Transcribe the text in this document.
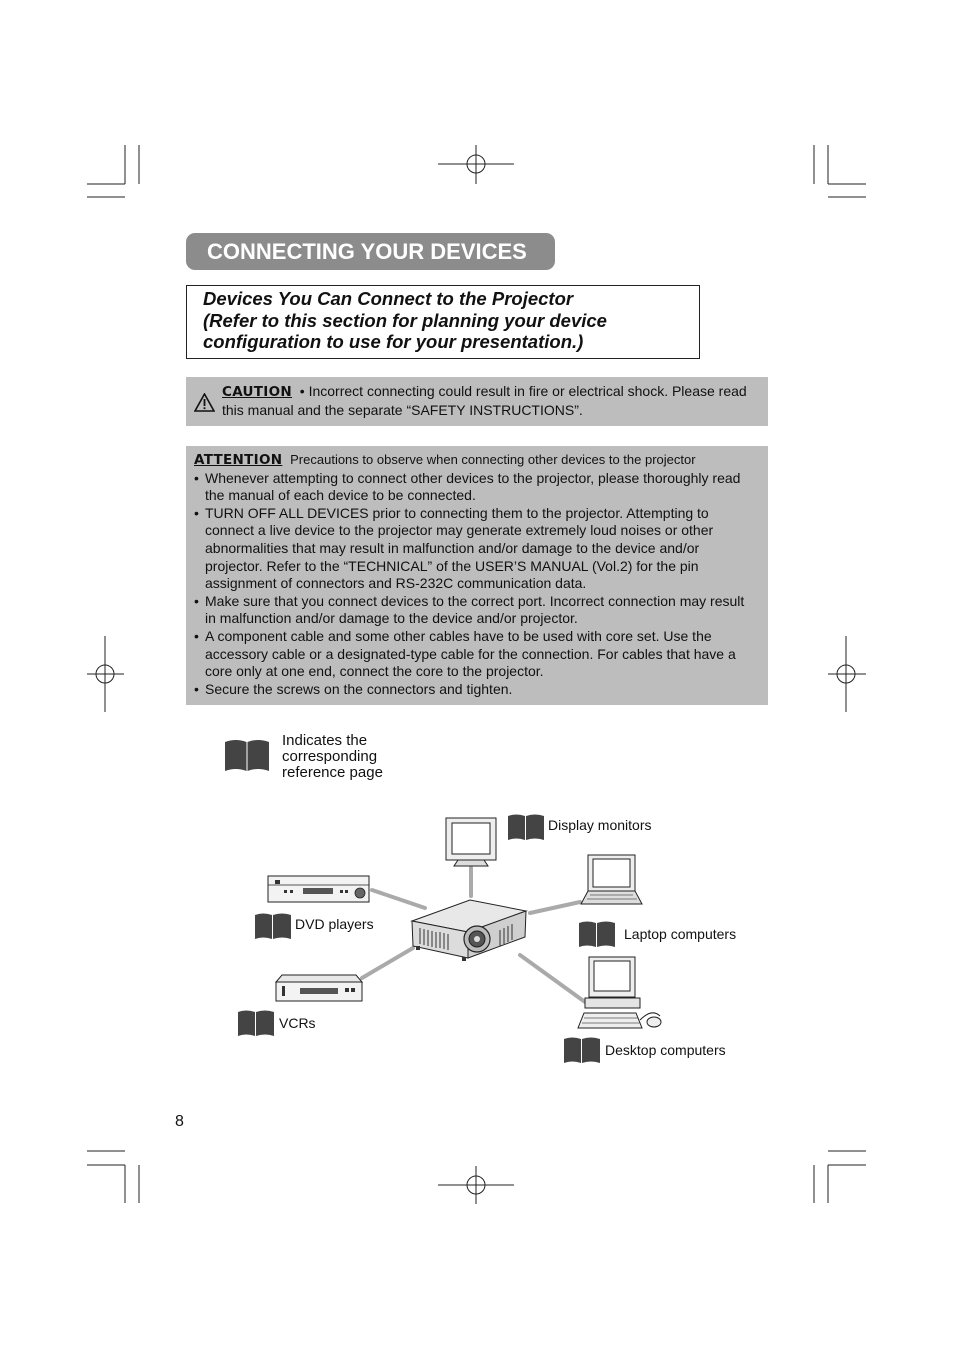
CONNECTING YOUR DEVICES
Devices You Can Connect to the Projector
(Refer to this section for planning your device
configuration to use for your presentation.)
CAUTION • Incorrect connecting could result in fire or electrical shock. Please read this manual and the separate “SAFETY INSTRUCTIONS”.
ATTENTION Precautions to observe when connecting other devices to the projector
• Whenever attempting to connect other devices to the projector, please thoroughly read the manual of each device to be connected.
• TURN OFF ALL DEVICES prior to connecting them to the projector. Attempting to connect a live device to the projector may generate extremely loud noises or other abnormalities that may result in malfunction and/or damage to the device and/or projector. Refer to the “TECHNICAL” of the USER’S MANUAL (Vol.2) for the pin assignment of connectors and RS-232C communication data.
• Make sure that you connect devices to the correct port. Incorrect connection may result in malfunction and/or damage to the device and/or projector.
• A component cable and some other cables have to be used with core set. Use the accessory cable or a designated-type cable for the connection. For cables that have a core only at one end, connect the core to the projector.
• Secure the screws on the connectors and tighten.
Indicates the
corresponding
reference page
Display monitors
DVD players
Laptop computers
VCRs
Desktop computers
8
